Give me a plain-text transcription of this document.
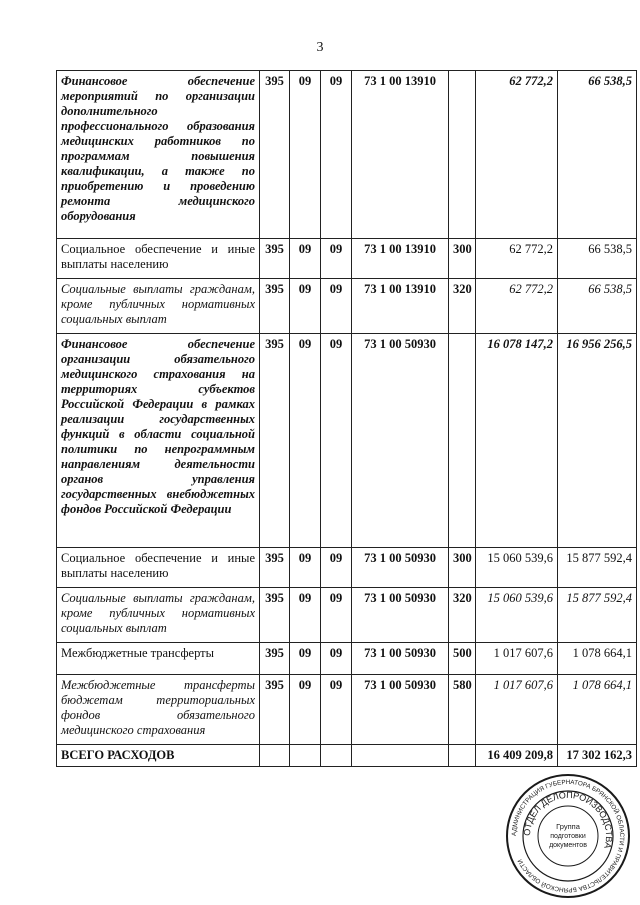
3
Финансовое обеспечение мероприятий по организации дополнительного профессионального образования медицинских работников по программам повышения квалификации, а также по приобретению и проведению ремонта медицинского оборудования	395	09	09	73 1 00 13910		62 772,2	66 538,5
Социальное обеспечение и иные выплаты населению	395	09	09	73 1 00 13910	300	62 772,2	66 538,5
Социальные выплаты гражданам, кроме публичных нормативных социальных выплат	395	09	09	73 1 00 13910	320	62 772,2	66 538,5
Финансовое обеспечение организации обязательного медицинского страхования на территориях субъектов Российской Федерации в рамках реализации государственных функций в области социальной политики по непрограммным направлениям деятельности органов управления государственных внебюджетных фондов Российской Федерации	395	09	09	73 1 00 50930		16 078 147,2	16 956 256,5
Социальное обеспечение и иные выплаты населению	395	09	09	73 1 00 50930	300	15 060 539,6	15 877 592,4
Социальные выплаты гражданам, кроме публичных нормативных социальных выплат	395	09	09	73 1 00 50930	320	15 060 539,6	15 877 592,4
Межбюджетные трансферты	395	09	09	73 1 00 50930	500	1 017 607,6	1 078 664,1
Межбюджетные трансферты бюджетам территориальных фондов обязательного медицинского страхования	395	09	09	73 1 00 50930	580	1 017 607,6	1 078 664,1
ВСЕГО РАСХОДОВ						16 409 209,8	17 302 162,3
АДМИНИСТРАЦИЯ ГУБЕРНАТОРА БРЯНСКОЙ ОБЛАСТИ И ПРАВИТЕЛЬСТВА БРЯНСКОЙ ОБЛАСТИ
ОТДЕЛ ДЕЛОПРОИЗВОДСТВА
Группа
подготовки
документов
